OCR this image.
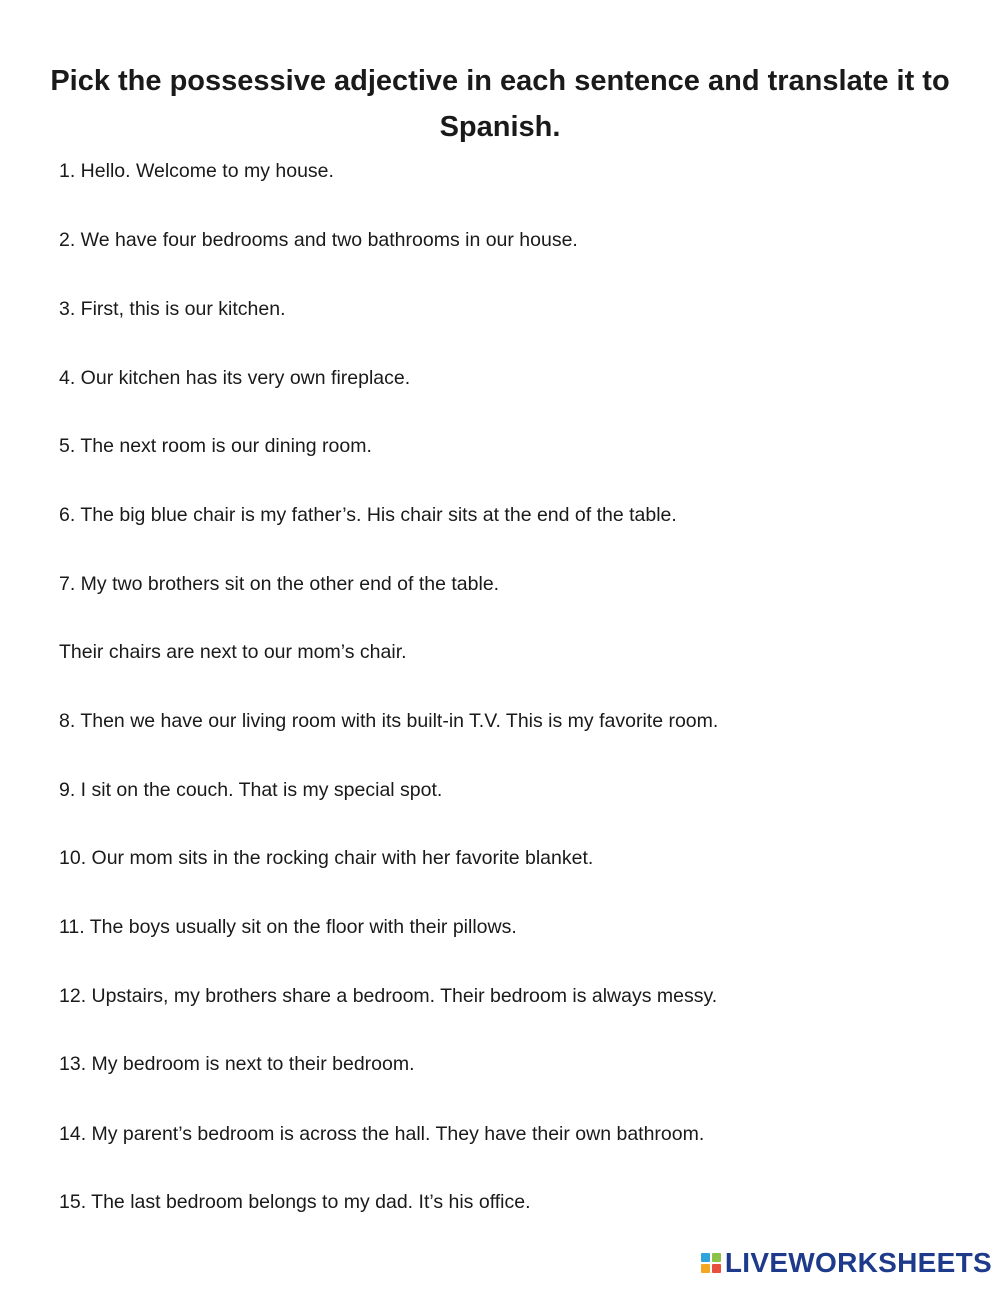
Pick the possessive adjective in each sentence and translate it to Spanish.

1. Hello. Welcome to my house.

2. We have four bedrooms and two bathrooms in our house.

3. First, this is our kitchen.

4. Our kitchen has its very own fireplace.

5. The next room is our dining room.

6. The big blue chair is my father’s. His chair sits at the end of the table.

7. My two brothers sit on the other end of the table.

Their chairs are next to our mom’s chair.

8. Then we have our living room with its built-in T.V. This is my favorite room.

9. I sit on the couch. That is my special spot.

10. Our mom sits in the rocking chair with her favorite blanket.

11. The boys usually sit on the floor with their pillows.

12. Upstairs, my brothers share a bedroom. Their bedroom is always messy.

13. My bedroom is next to their bedroom.

14. My parent’s bedroom is across the hall. They have their own bathroom.

15. The last bedroom belongs to my dad. It’s his office.

LIVEWORKSHEETS
